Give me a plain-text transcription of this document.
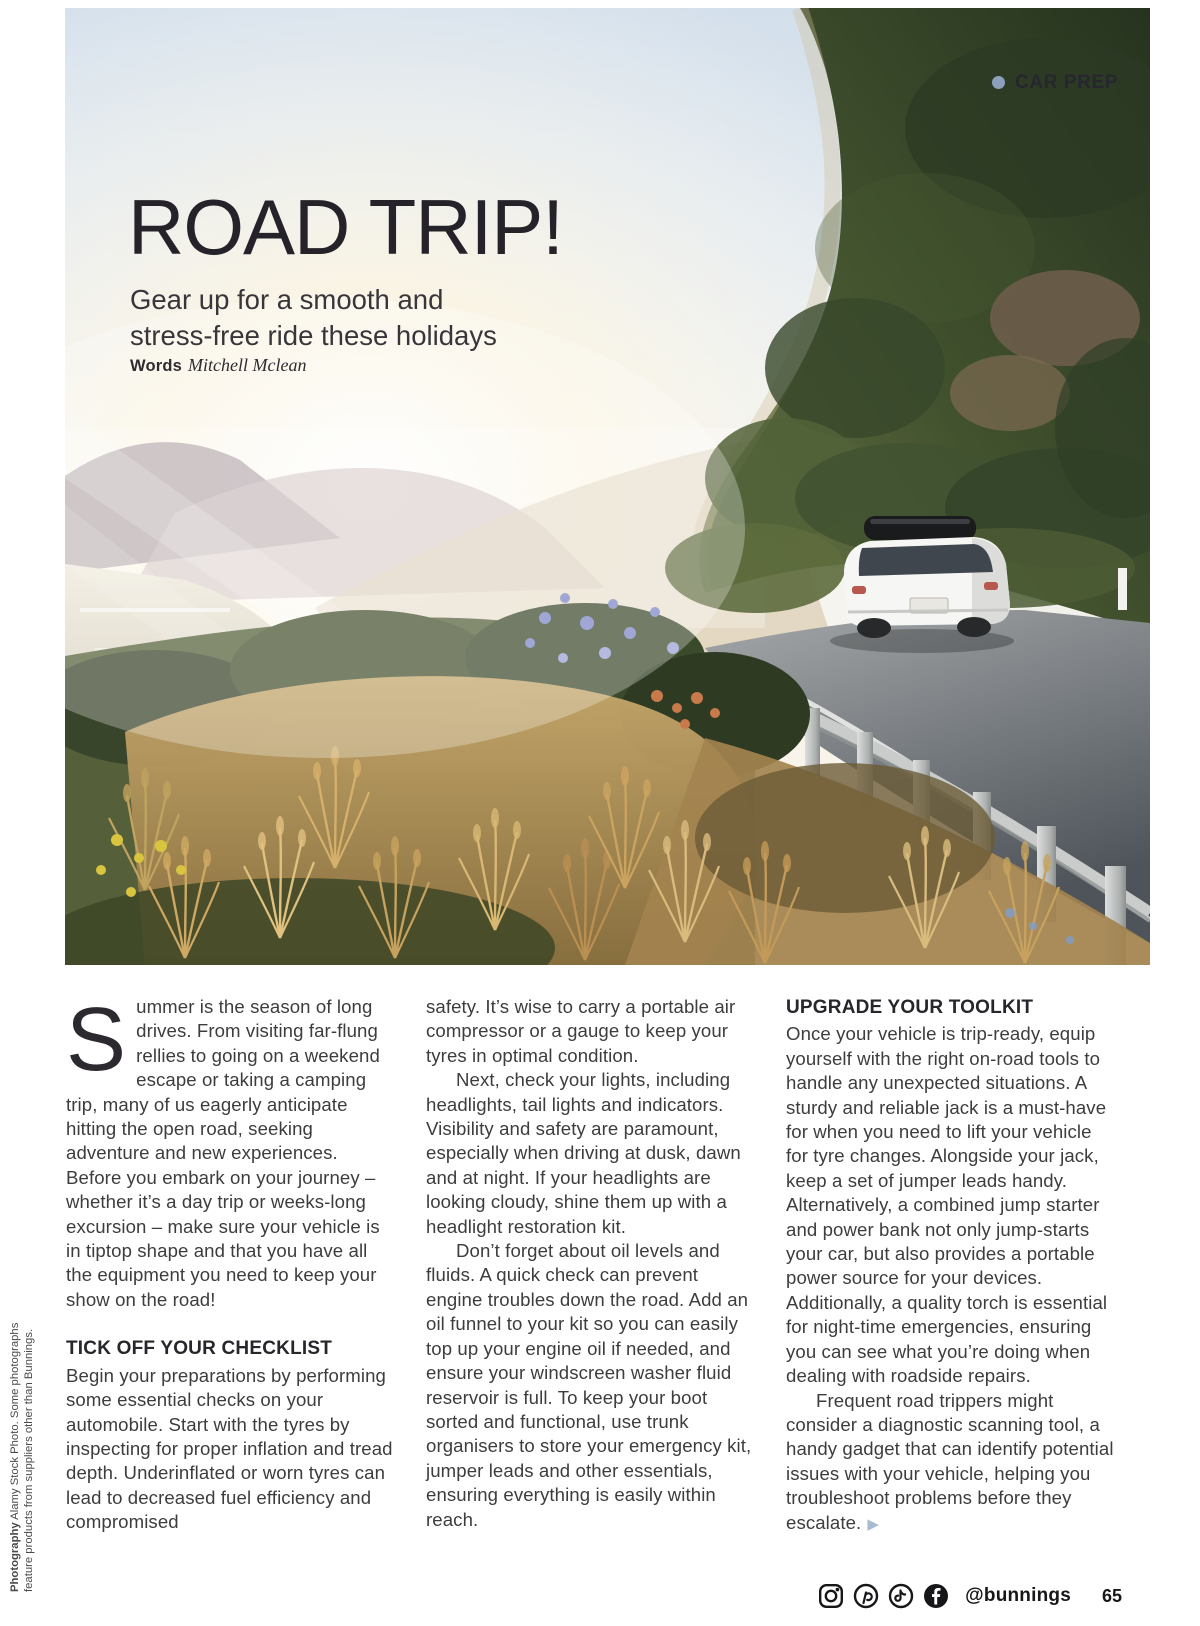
CAR PREP
ROAD TRIP!
Gear up for a smooth and
stress-free ride these holidays
Words Mitchell Mclean

Summer is the season of long drives. From visiting far-flung rellies to going on a weekend escape or taking a camping trip, many of us eagerly anticipate hitting the open road, seeking adventure and new experiences. Before you embark on your journey – whether it’s a day trip or weeks-long excursion – make sure your vehicle is in tiptop shape and that you have all the equipment you need to keep your show on the road!

TICK OFF YOUR CHECKLIST

Begin your preparations by performing some essential checks on your automobile. Start with the tyres by inspecting for proper inflation and tread depth. Underinflated or worn tyres can lead to decreased fuel efficiency and compromised

safety. It’s wise to carry a portable air compressor or a gauge to keep your tyres in optimal condition.

Next, check your lights, including headlights, tail lights and indicators. Visibility and safety are paramount, especially when driving at dusk, dawn and at night. If your headlights are looking cloudy, shine them up with a headlight restoration kit.

Don’t forget about oil levels and fluids. A quick check can prevent engine troubles down the road. Add an oil funnel to your kit so you can easily top up your engine oil if needed, and ensure your windscreen washer fluid reservoir is full. To keep your boot sorted and functional, use trunk organisers to store your emergency kit, jumper leads and other essentials, ensuring everything is easily within reach.

UPGRADE YOUR TOOLKIT

Once your vehicle is trip-ready, equip yourself with the right on-road tools to handle any unexpected situations. A sturdy and reliable jack is a must-have for when you need to lift your vehicle for tyre changes. Alongside your jack, keep a set of jumper leads handy. Alternatively, a combined jump starter and power bank not only jump-starts your car, but also provides a portable power source for your devices. Additionally, a quality torch is essential for night-time emergencies, ensuring you can see what you’re doing when dealing with roadside repairs.

Frequent road trippers might consider a diagnostic scanning tool, a handy gadget that can identify potential issues with your vehicle, helping you troubleshoot problems before they escalate. ▶

Photography Alamy Stock Photo. Some photographs feature products from suppliers other than Bunnings.
@bunnings 65
